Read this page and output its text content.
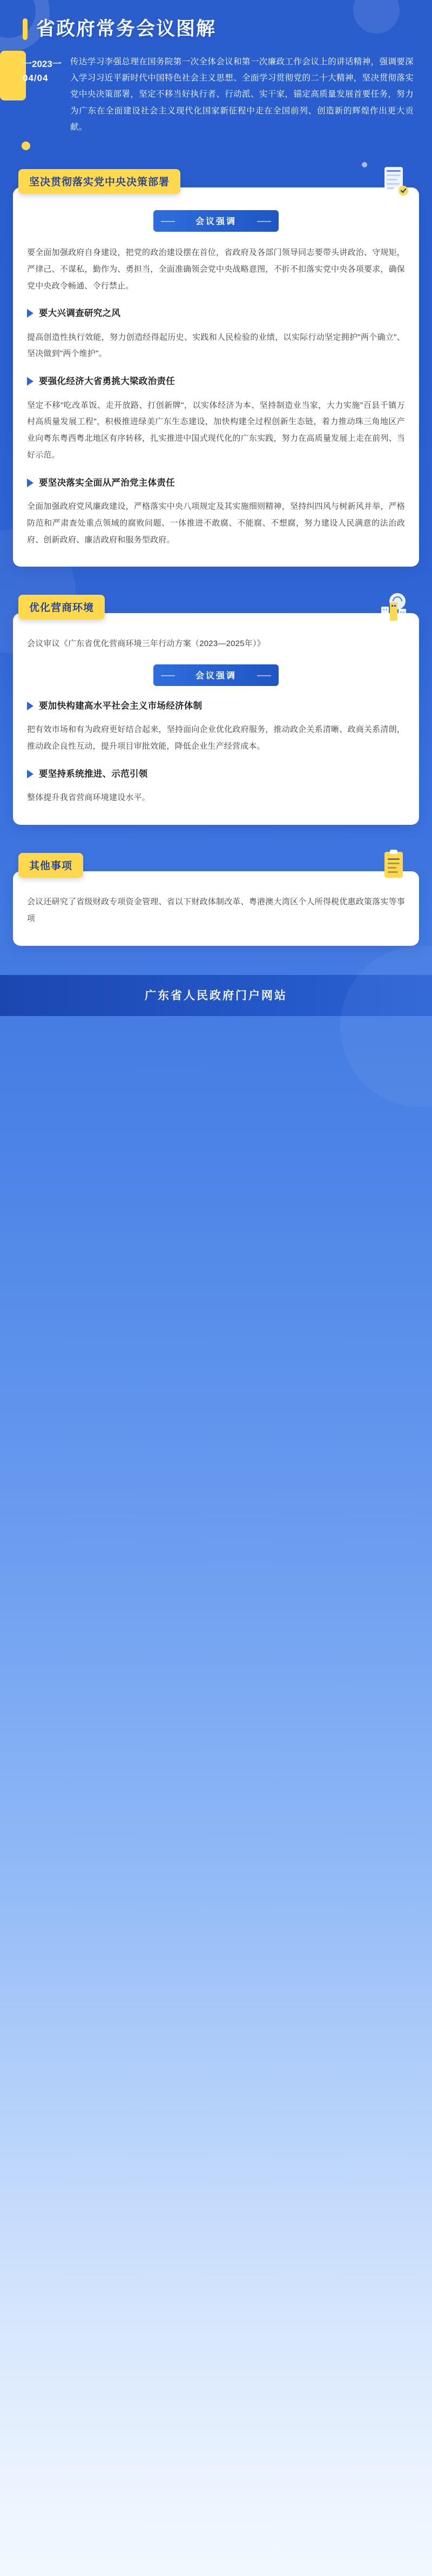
省政府常务会议图解
一2023一
04/04
传达学习李强总理在国务院第一次全体会议和第一次廉政工作会议上的讲话精神，强调要深入学习习近平新时代中国特色社会主义思想、全面学习贯彻党的二十大精神，坚决贯彻落实党中央决策部署，坚定不移当好执行者、行动派、实干家，锚定高质量发展首要任务，努力为广东在全面建设社会主义现代化国家新征程中走在全国前列、创造新的辉煌作出更大贡献。
坚决贯彻落实党中央决策部署
会议强调

要全面加强政府自身建设，把党的政治建设摆在首位，省政府及各部门领导同志要带头讲政治、守规矩，严律己、不谋私，勤作为、勇担当，全面准确领会党中央战略意图，不折不扣落实党中央各项要求，确保党中央政令畅通、令行禁止。

要大兴调查研究之风

提高创造性执行效能，努力创造经得起历史、实践和人民检验的业绩，以实际行动坚定拥护"两个确立"、坚决做到"两个维护"。

要强化经济大省勇挑大梁政治责任

坚定不移"吃改革饭、走开放路、打创新牌"，以实体经济为本、坚持制造业当家，大力实施"百县千镇万村高质量发展工程"，积极推进绿美广东生态建设，加快构建全过程创新生态链，着力推动珠三角地区产业向粤东粤西粤北地区有序转移，扎实推进中国式现代化的广东实践，努力在高质量发展上走在前列、当好示范。

要坚决落实全面从严治党主体责任

全面加强政府党风廉政建设，严格落实中央八项规定及其实施细则精神，坚持纠四风与树新风并举，严格防范和严肃查处重点领域的腐败问题、一体推进不敢腐、不能腐、不想腐，努力建设人民满意的法治政府、创新政府、廉洁政府和服务型政府。

优化营商环境

会议审议《广东省优化营商环境三年行动方案（2023—2025年）》

会议强调
要加快构建高水平社会主义市场经济体制

把有效市场和有为政府更好结合起来，坚持面向企业优化政府服务，推动政企关系清晰、政商关系清朗，推动政企良性互动，提升项目审批效能，降低企业生产经营成本。

要坚持系统推进、示范引领

整体提升我省营商环境建设水平。

其他事项

会议还研究了省级财政专项资金管理、省以下财政体制改革、粤港澳大湾区个人所得税优惠政策落实等事项

广东省人民政府门户网站
